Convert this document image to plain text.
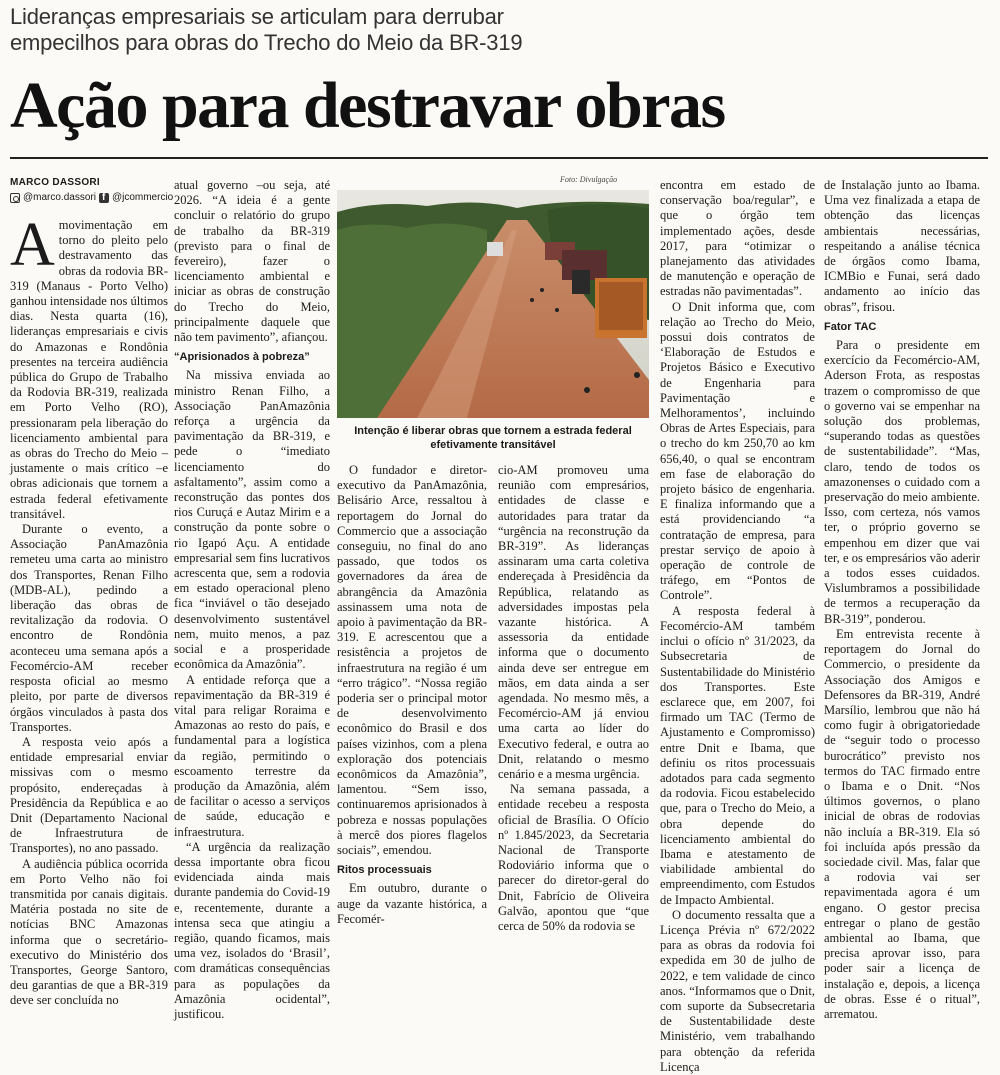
Lideranças empresariais se articulam para derrubar empecilhos para obras do Trecho do Meio da BR-319
Ação para destravar obras
MARCO DASSORI
@marco.dassori
f @jcommercio

Amovimentação em torno do pleito pelo destravamento das obras da rodovia BR-319 (Manaus - Porto Velho) ganhou intensidade nos últimos dias. Nesta quarta (16), lideranças empresariais e civis do Amazonas e Rondônia presentes na terceira audiência pública do Grupo de Trabalho da Rodovia BR-319, realizada em Porto Velho (RO), pressionaram pela liberação do licenciamento ambiental para as obras do Trecho do Meio –justamente o mais crítico –e obras adicionais que tornem a estrada federal efetivamente transitável.

Durante o evento, a Associação PanAmazônia remeteu uma carta ao ministro dos Transportes, Renan Filho (MDB-AL), pedindo a liberação das obras de revitalização da rodovia. O encontro de Rondônia aconteceu uma semana após a Fecomércio-AM receber resposta oficial ao mesmo pleito, por parte de diversos órgãos vinculados à pasta dos Transportes.

A resposta veio após a entidade empresarial enviar missivas com o mesmo propósito, endereçadas à Presidência da República e ao Dnit (Departamento Nacional de Infraestrutura de Transportes), no ano passado.

A audiência pública ocorrida em Porto Velho não foi transmitida por canais digitais. Matéria postada no site de notícias BNC Amazonas informa que o secretário-executivo do Ministério dos Transportes, George Santoro, deu garantias de que a BR-319 deve ser concluída no

atual governo –ou seja, até 2026. “A ideia é a gente concluir o relatório do grupo de trabalho da BR-319 (previsto para o final de fevereiro), fazer o licenciamento ambiental e iniciar as obras de construção do Trecho do Meio, principalmente daquele que não tem pavimento”, afiançou.

“Aprisionados à pobreza”

Na missiva enviada ao ministro Renan Filho, a Associação PanAmazônia reforça a urgência da pavimentação da BR-319, e pede o “imediato licenciamento do asfaltamento”, assim como a reconstrução das pontes dos rios Curuçá e Autaz Mirim e a construção da ponte sobre o rio Igapó Açu. A entidade empresarial sem fins lucrativos acrescenta que, sem a rodovia em estado operacional pleno fica “inviável o tão desejado desenvolvimento sustentável nem, muito menos, a paz social e a prosperidade econômica da Amazônia”.

A entidade reforça que a repavimentação da BR-319 é vital para religar Roraima e Amazonas ao resto do país, e fundamental para a logística da região, permitindo o escoamento terrestre da produção da Amazônia, além de facilitar o acesso a serviços de saúde, educação e infraestrutura.

“A urgência da realização dessa importante obra ficou evidenciada ainda mais durante pandemia do Covid-19 e, recentemente, durante a intensa seca que atingiu a região, quando ficamos, mais uma vez, isolados do ‘Brasil’, com dramáticas consequências para as populações da Amazônia ocidental”, justificou.

Foto: Divulgação
Intenção é liberar obras que tornem a estrada federal efetivamente transitável

O fundador e diretor-executivo da PanAmazônia, Belisário Arce, ressaltou à reportagem do Jornal do Commercio que a associação conseguiu, no final do ano passado, que todos os governadores da área de abrangência da Amazônia assinassem uma nota de apoio à pavimentação da BR-319. E acrescentou que a resistência a projetos de infraestrutura na região é um “erro trágico”. “Nossa região poderia ser o principal motor de desenvolvimento econômico do Brasil e dos países vizinhos, com a plena exploração dos potenciais econômicos da Amazônia”, lamentou. “Sem isso, continuaremos aprisionados à pobreza e nossas populações à mercê dos piores flagelos sociais”, emendou.

Ritos processuais

Em outubro, durante o auge da vazante histórica, a Fecomér-

cio-AM promoveu uma reunião com empresários, entidades de classe e autoridades para tratar da “urgência na reconstrução da BR-319”. As lideranças assinaram uma carta coletiva endereçada à Presidência da República, relatando as adversidades impostas pela vazante histórica. A assessoria da entidade informa que o documento ainda deve ser entregue em mãos, em data ainda a ser agendada. No mesmo mês, a Fecomércio-AM já enviou uma carta ao líder do Executivo federal, e outra ao Dnit, relatando o mesmo cenário e a mesma urgência.

Na semana passada, a entidade recebeu a resposta oficial de Brasília. O Ofício nº 1.845/2023, da Secretaria Nacional de Transporte Rodoviário informa que o parecer do diretor-geral do Dnit, Fabrício de Oliveira Galvão, apontou que “que cerca de 50% da rodovia se

encontra em estado de conservação boa/regular”, e que o órgão tem implementado ações, desde 2017, para “otimizar o planejamento das atividades de manutenção e operação de estradas não pavimentadas”.

O Dnit informa que, com relação ao Trecho do Meio, possui dois contratos de ‘Elaboração de Estudos e Projetos Básico e Executivo de Engenharia para Pavimentação e Melhoramentos’, incluindo Obras de Artes Especiais, para o trecho do km 250,70 ao km 656,40, o qual se encontram em fase de elaboração do projeto básico de engenharia. E finaliza informando que a está providenciando “a contratação de empresa, para prestar serviço de apoio à operação de controle de tráfego, em “Pontos de Controle”.

A resposta federal à Fecomércio-AM também inclui o ofício nº 31/2023, da Subsecretaria de Sustentabilidade do Ministério dos Transportes. Este esclarece que, em 2007, foi firmado um TAC (Termo de Ajustamento e Compromisso) entre Dnit e Ibama, que definiu os ritos processuais adotados para cada segmento da rodovia. Ficou estabelecido que, para o Trecho do Meio, a obra depende do licenciamento ambiental do Ibama e atestamento de viabilidade ambiental do empreendimento, com Estudos de Impacto Ambiental.

O documento ressalta que a Licença Prévia nº 672/2022 para as obras da rodovia foi expedida em 30 de julho de 2022, e tem validade de cinco anos. “Informamos que o Dnit, com suporte da Subsecretaria de Sustentabilidade deste Ministério, vem trabalhando para obtenção da referida Licença

de Instalação junto ao Ibama. Uma vez finalizada a etapa de obtenção das licenças ambientais necessárias, respeitando a análise técnica de órgãos como Ibama, ICMBio e Funai, será dado andamento ao início das obras”, frisou.

Fator TAC

Para o presidente em exercício da Fecomércio-AM, Aderson Frota, as respostas trazem o compromisso de que o governo vai se empenhar na solução dos problemas, “superando todas as questões de sustentabilidade”. “Mas, claro, tendo de todos os amazonenses o cuidado com a preservação do meio ambiente. Isso, com certeza, nós vamos ter, o próprio governo se empenhou em dizer que vai ter, e os empresários vão aderir a todos esses cuidados. Vislumbramos a possibilidade de termos a recuperação da BR-319”, ponderou.

Em entrevista recente à reportagem do Jornal do Commercio, o presidente da Associação dos Amigos e Defensores da BR-319, André Marsílio, lembrou que não há como fugir à obrigatoriedade de “seguir todo o processo burocrático” previsto nos termos do TAC firmado entre o Ibama e o Dnit. “Nos últimos governos, o plano inicial de obras de rodovias não incluía a BR-319. Ela só foi incluída após pressão da sociedade civil. Mas, falar que a rodovia vai ser repavimentada agora é um engano. O gestor precisa entregar o plano de gestão ambiental ao Ibama, que precisa aprovar isso, para poder sair a licença de instalação e, depois, a licença de obras. Esse é o ritual”, arrematou.
